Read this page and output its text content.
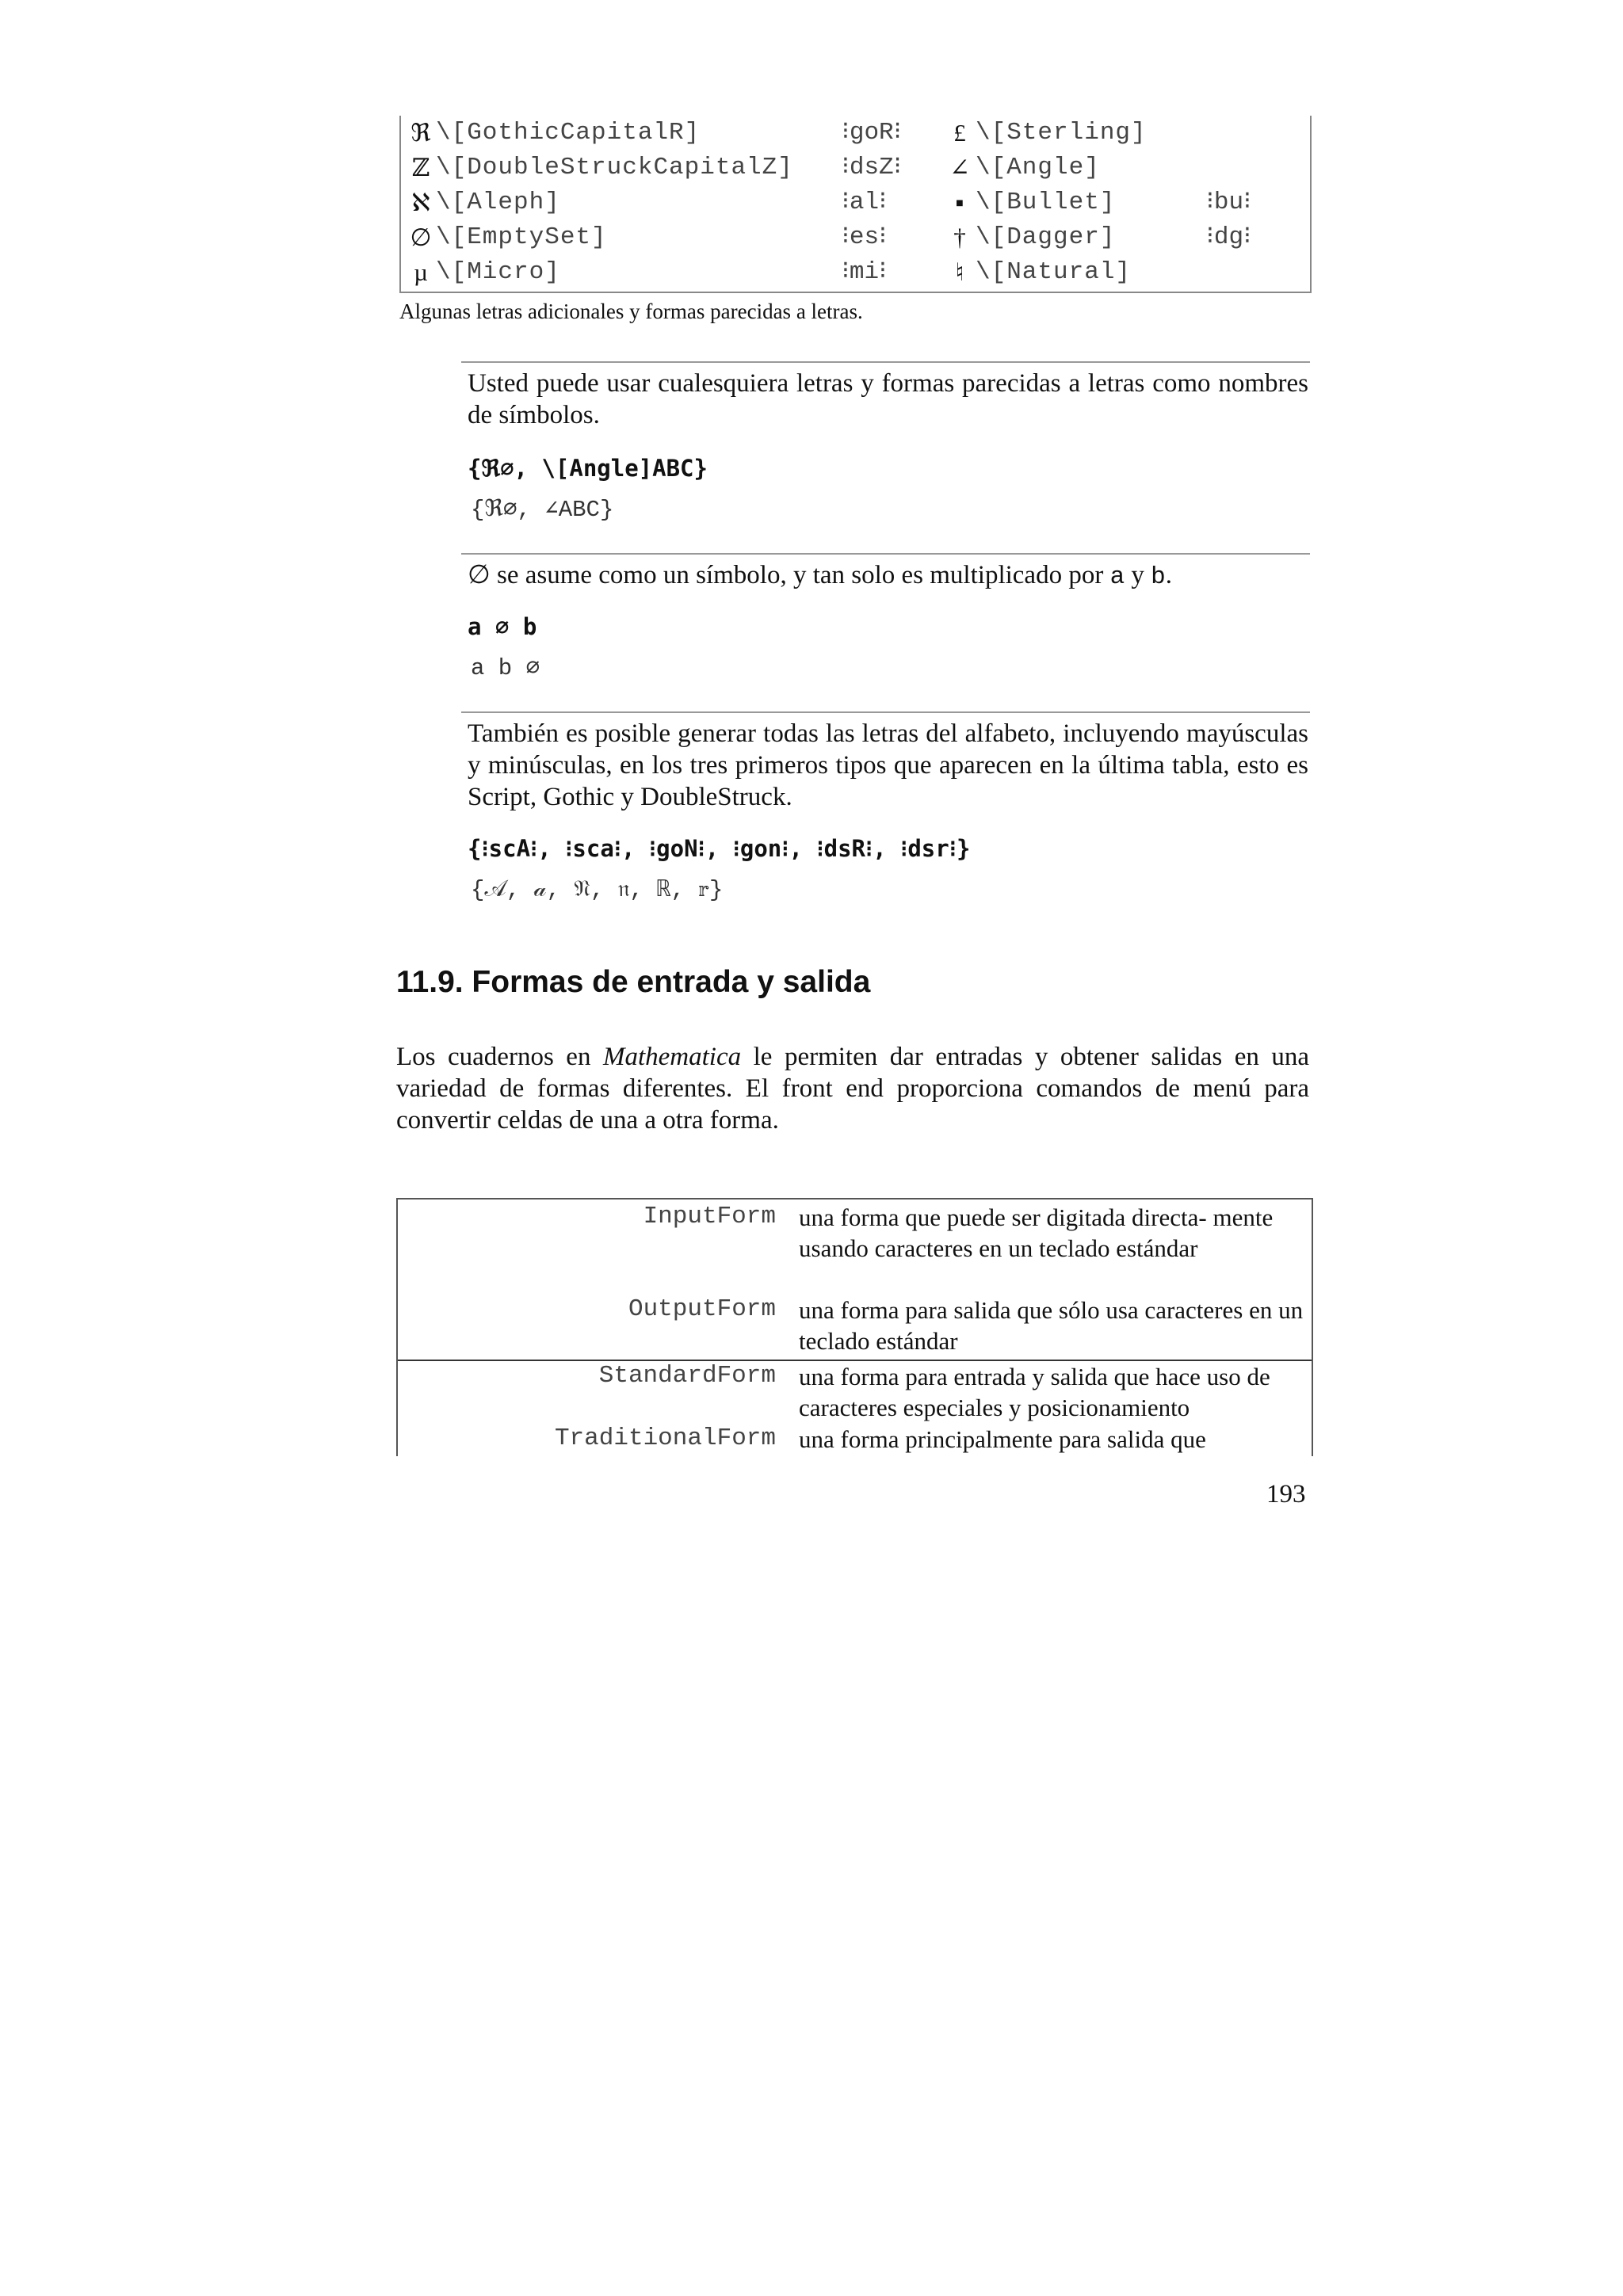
ℜ \[GothicCapitalR]	⁝goR⁝ £ \[Sterling]
ℤ \[DoubleStruckCapitalZ] ⁝dsZ⁝ ∠ \[Angle]
ℵ \[Aleph]	⁝al⁝	▪ \[Bullet]	⁝bu⁝
∅ \[EmptySet]	⁝es⁝	† \[Dagger]	⁝dg⁝
µ \[Micro]	⁝mi⁝	♮ \[Natural]
Algunas letras adicionales y formas parecidas a letras.
Usted puede usar cualesquiera letras y formas parecidas a letras como nombres de símbolos.
{ℜ∅, \[Angle]ABC}
{ℜ∅, ∠ABC}
∅ se asume como un símbolo, y tan solo es multiplicado por a y b.
a ∅ b
a b ∅
También es posible generar todas las letras del alfabeto, incluyendo mayúsculas y minúsculas, en los tres primeros tipos que aparecen en la última tabla, esto es Script, Gothic y DoubleStruck.
{⁝scA⁝, ⁝sca⁝, ⁝goN⁝, ⁝gon⁝, ⁝dsR⁝, ⁝dsr⁝}
{𝒜, 𝒶, 𝔑, 𝔫, ℝ, 𝕣}
11.9. Formas de entrada y salida
Los cuadernos en Mathematica le permiten dar entradas y obtener salidas en una variedad de formas diferentes. El front end proporciona comandos de menú para convertir celdas de una a otra forma.
InputForm una forma que puede ser digitada directa- mente usando caracteres en un teclado estándar
OutputForm una forma para salida que sólo usa caracteres en un teclado estándar
StandardForm una forma para entrada y salida que hace uso de caracteres especiales y posicionamiento
TraditionalForm una forma principalmente para salida que
193
